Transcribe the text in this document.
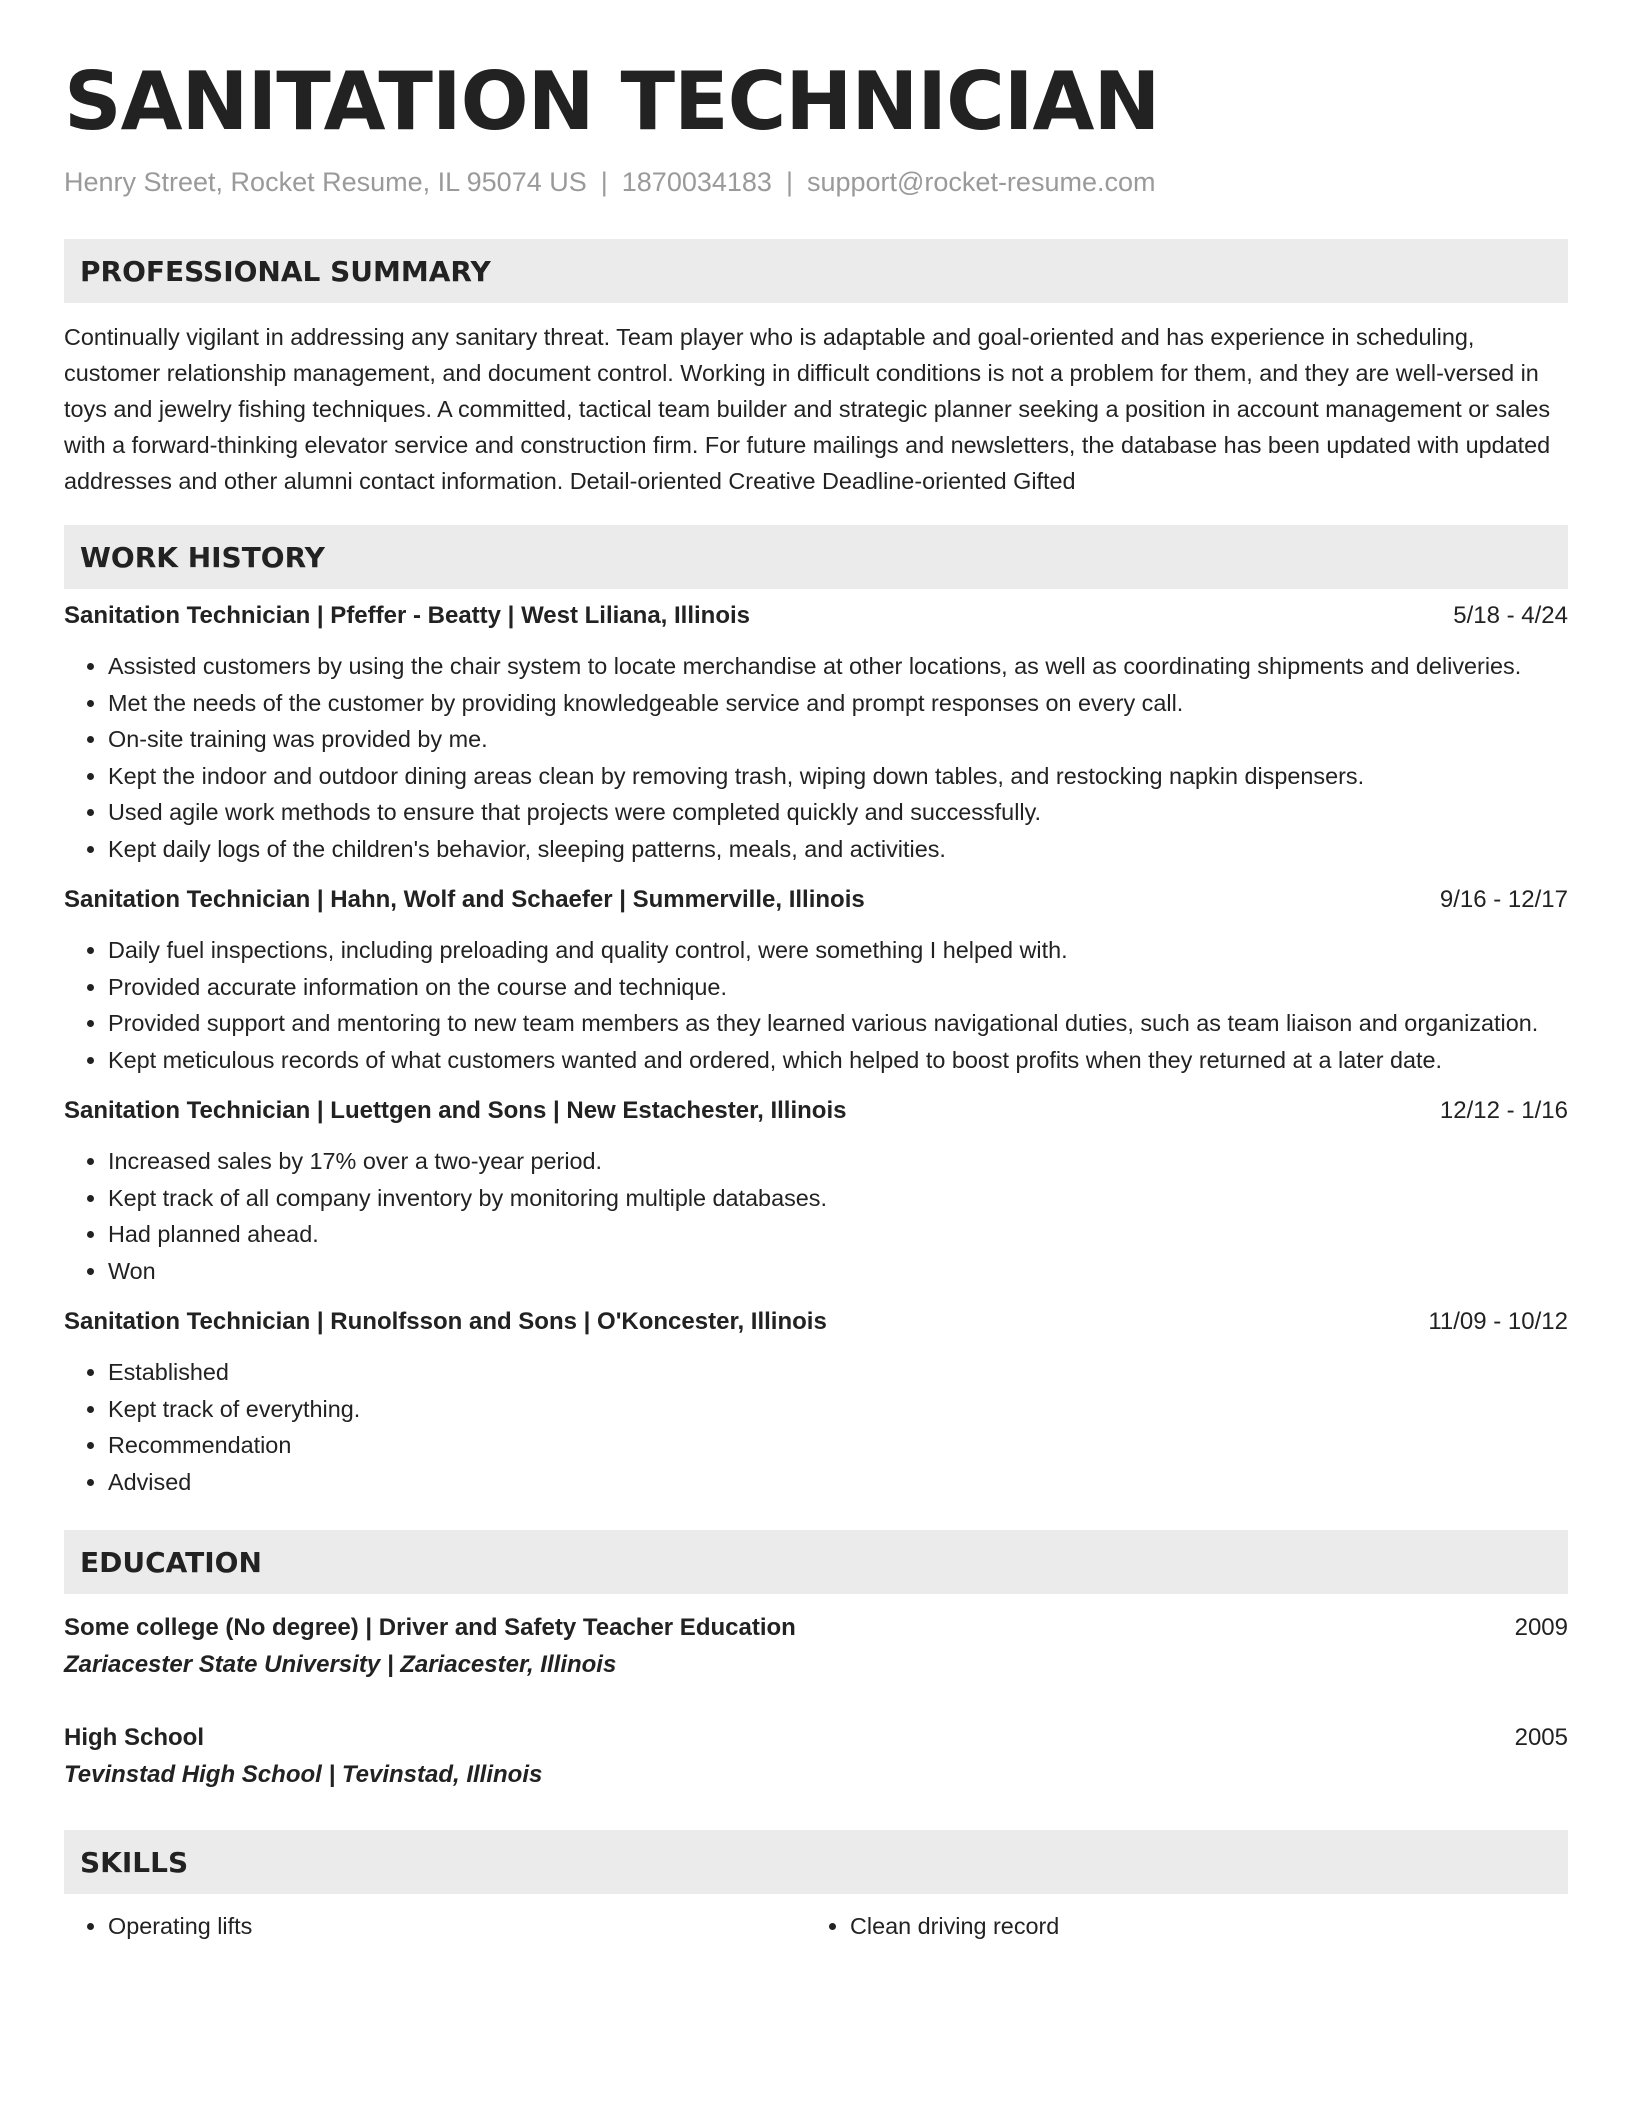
SANITATION TECHNICIAN
Henry Street, Rocket Resume, IL 95074 US | 1870034183 | support@rocket-resume.com
PROFESSIONAL SUMMARY
Continually vigilant in addressing any sanitary threat. Team player who is adaptable and goal-oriented and has experience in scheduling, customer relationship management, and document control. Working in difficult conditions is not a problem for them, and they are well-versed in toys and jewelry fishing techniques. A committed, tactical team builder and strategic planner seeking a position in account management or sales with a forward-thinking elevator service and construction firm. For future mailings and newsletters, the database has been updated with updated addresses and other alumni contact information. Detail-oriented Creative Deadline-oriented Gifted
WORK HISTORY
Sanitation Technician | Pfeffer - Beatty | West Liliana, Illinois	5/18 - 4/24
• Assisted customers by using the chair system to locate merchandise at other locations, as well as coordinating shipments and deliveries.
• Met the needs of the customer by providing knowledgeable service and prompt responses on every call.
• On-site training was provided by me.
• Kept the indoor and outdoor dining areas clean by removing trash, wiping down tables, and restocking napkin dispensers.
• Used agile work methods to ensure that projects were completed quickly and successfully.
• Kept daily logs of the children's behavior, sleeping patterns, meals, and activities.
Sanitation Technician | Hahn, Wolf and Schaefer | Summerville, Illinois	9/16 - 12/17
• Daily fuel inspections, including preloading and quality control, were something I helped with.
• Provided accurate information on the course and technique.
• Provided support and mentoring to new team members as they learned various navigational duties, such as team liaison and organization.
• Kept meticulous records of what customers wanted and ordered, which helped to boost profits when they returned at a later date.
Sanitation Technician | Luettgen and Sons | New Estachester, Illinois	12/12 - 1/16
• Increased sales by 17% over a two-year period.
• Kept track of all company inventory by monitoring multiple databases.
• Had planned ahead.
• Won
Sanitation Technician | Runolfsson and Sons | O'Koncester, Illinois	11/09 - 10/12
• Established
• Kept track of everything.
• Recommendation
• Advised
EDUCATION
Some college (No degree) | Driver and Safety Teacher Education	2009
Zariacester State University | Zariacester, Illinois
High School	2005
Tevinstad High School | Tevinstad, Illinois
SKILLS
• Operating lifts
•	Clean driving record
